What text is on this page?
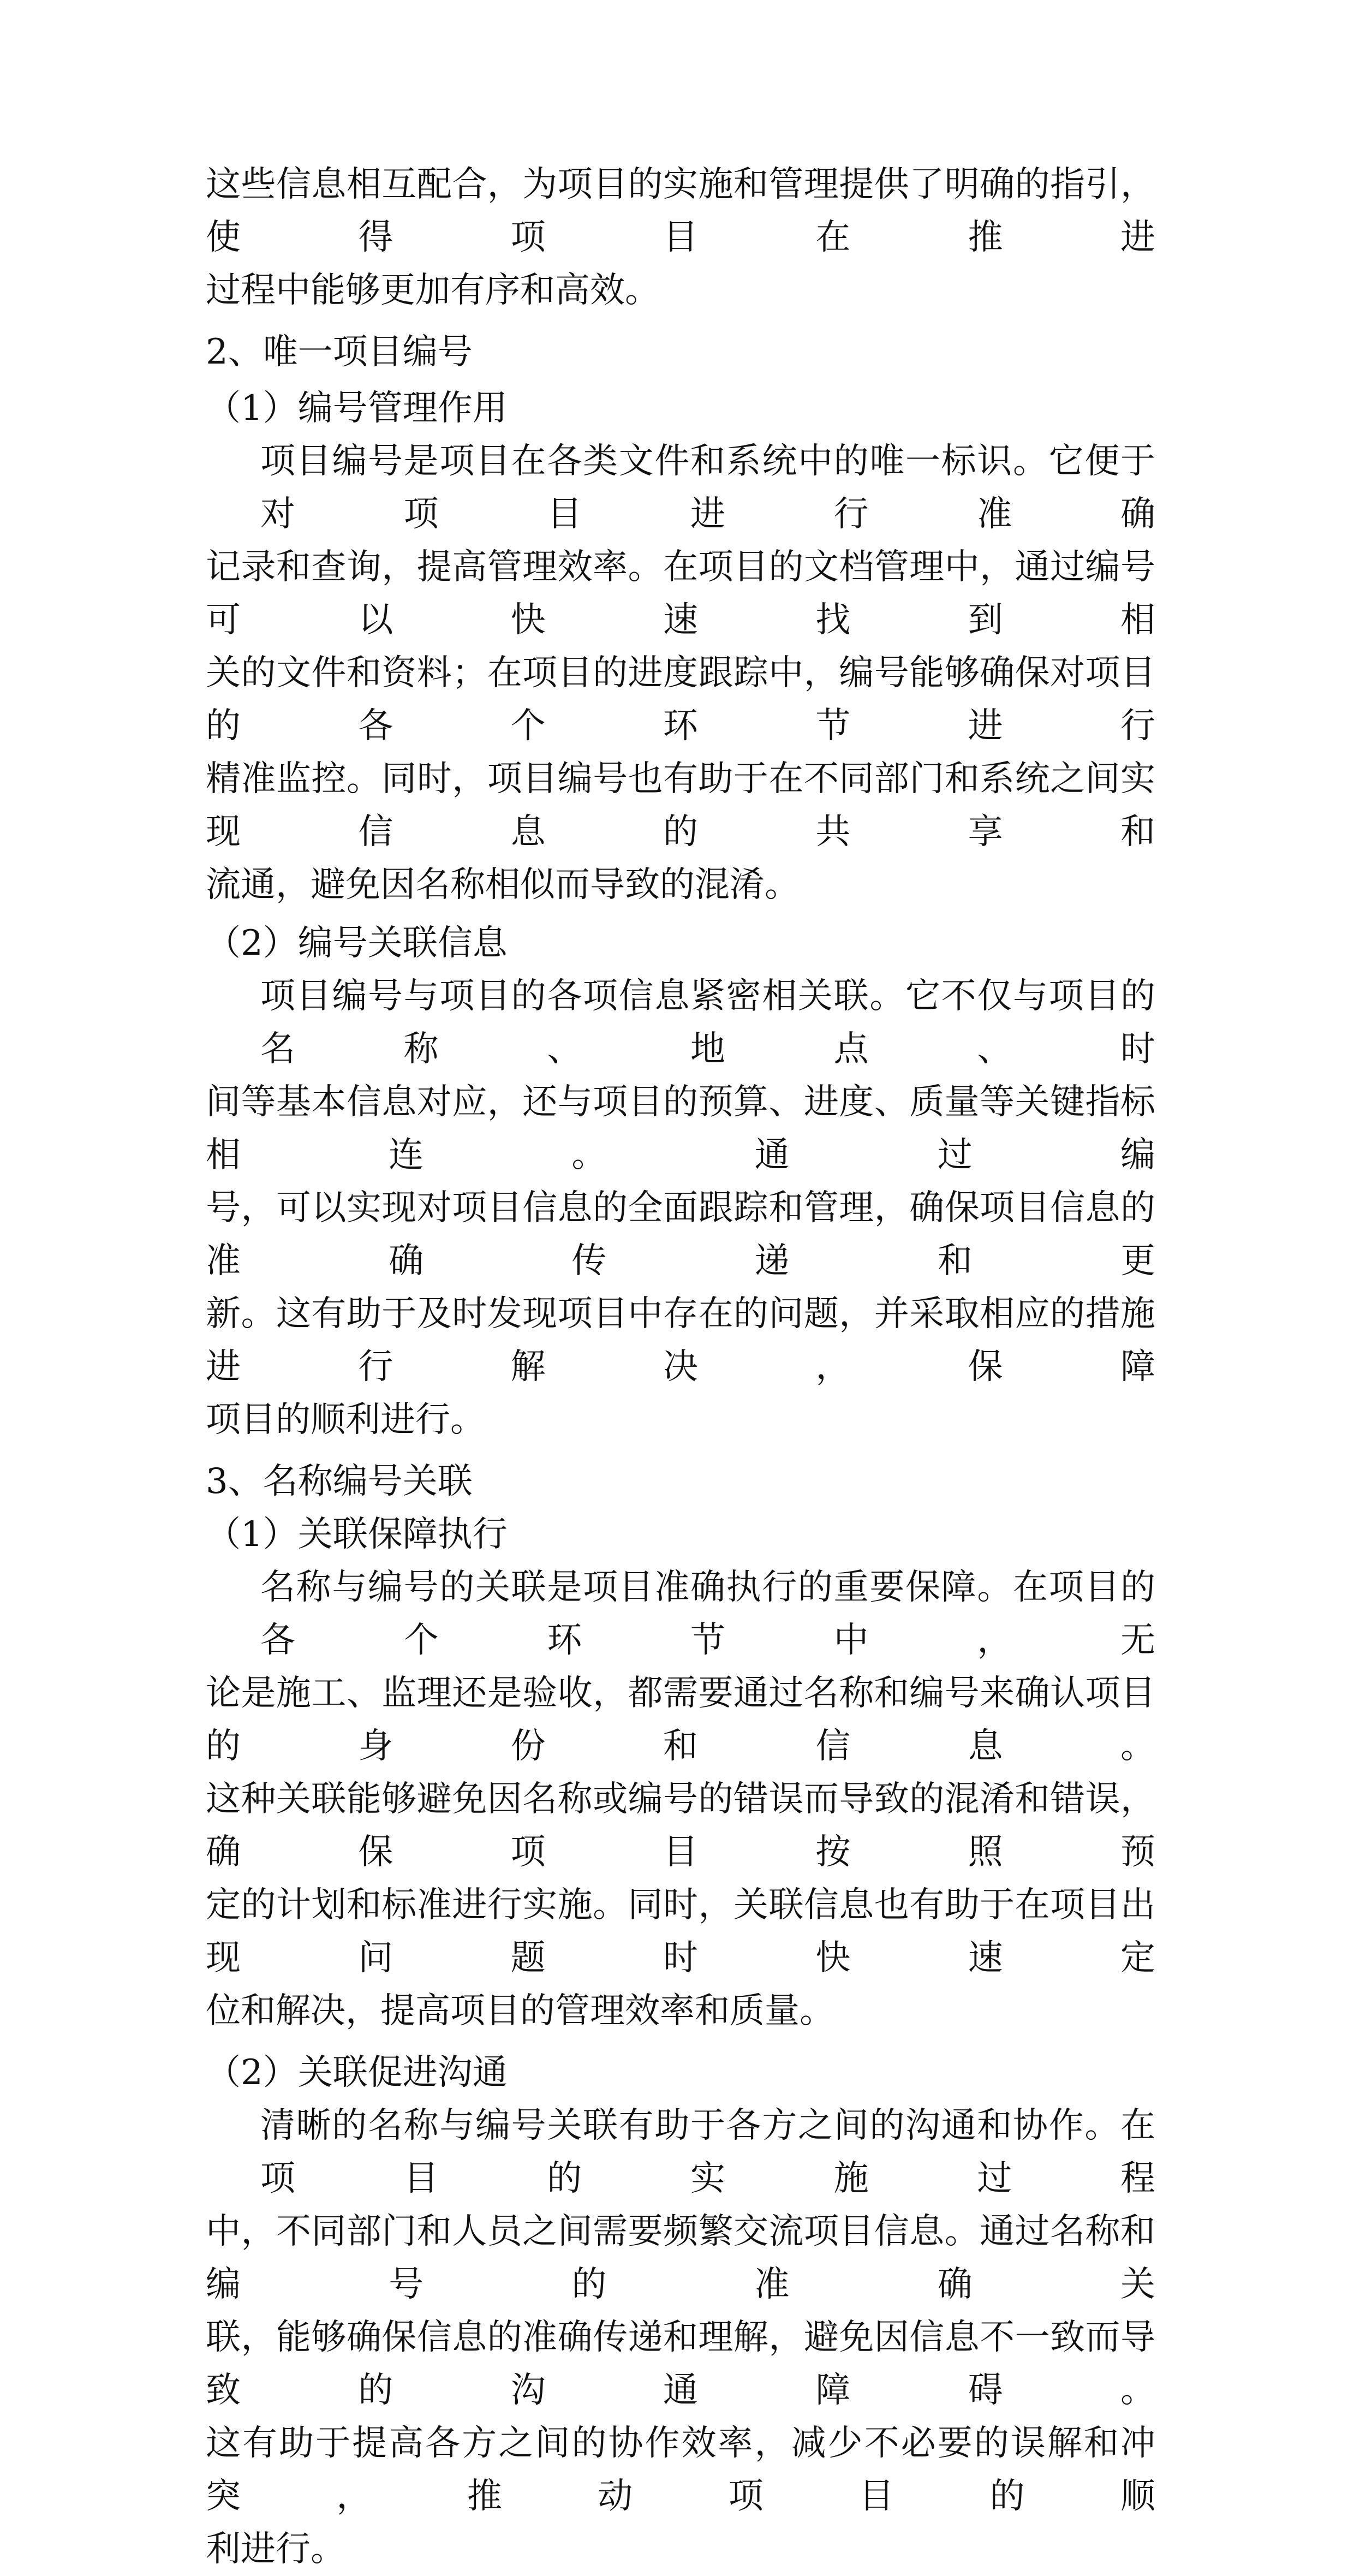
这些信息相互配合，为项目的实施和管理提供了明确的指引，使得项目在推进
过程中能够更加有序和高效。
2、唯一项目编号
（1）编号管理作用
项目编号是项目在各类文件和系统中的唯一标识。它便于对项目进行准确
记录和查询，提高管理效率。在项目的文档管理中，通过编号可以快速找到相
关的文件和资料；在项目的进度跟踪中，编号能够确保对项目的各个环节进行
精准监控。同时，项目编号也有助于在不同部门和系统之间实现信息的共享和
流通，避免因名称相似而导致的混淆。
（2）编号关联信息
项目编号与项目的各项信息紧密相关联。它不仅与项目的名称、地点、时
间等基本信息对应，还与项目的预算、进度、质量等关键指标相连。通过编
号，可以实现对项目信息的全面跟踪和管理，确保项目信息的准确传递和更
新。这有助于及时发现项目中存在的问题，并采取相应的措施进行解决，保障
项目的顺利进行。
3、名称编号关联
（1）关联保障执行
名称与编号的关联是项目准确执行的重要保障。在项目的各个环节中，无
论是施工、监理还是验收，都需要通过名称和编号来确认项目的身份和信息。
这种关联能够避免因名称或编号的错误而导致的混淆和错误，确保项目按照预
定的计划和标准进行实施。同时，关联信息也有助于在项目出现问题时快速定
位和解决，提高项目的管理效率和质量。
（2）关联促进沟通
清晰的名称与编号关联有助于各方之间的沟通和协作。在项目的实施过程
中，不同部门和人员之间需要频繁交流项目信息。通过名称和编号的准确关
联，能够确保信息的准确传递和理解，避免因信息不一致而导致的沟通障碍。
这有助于提高各方之间的协作效率，减少不必要的误解和冲突，推动项目的顺
利进行。
